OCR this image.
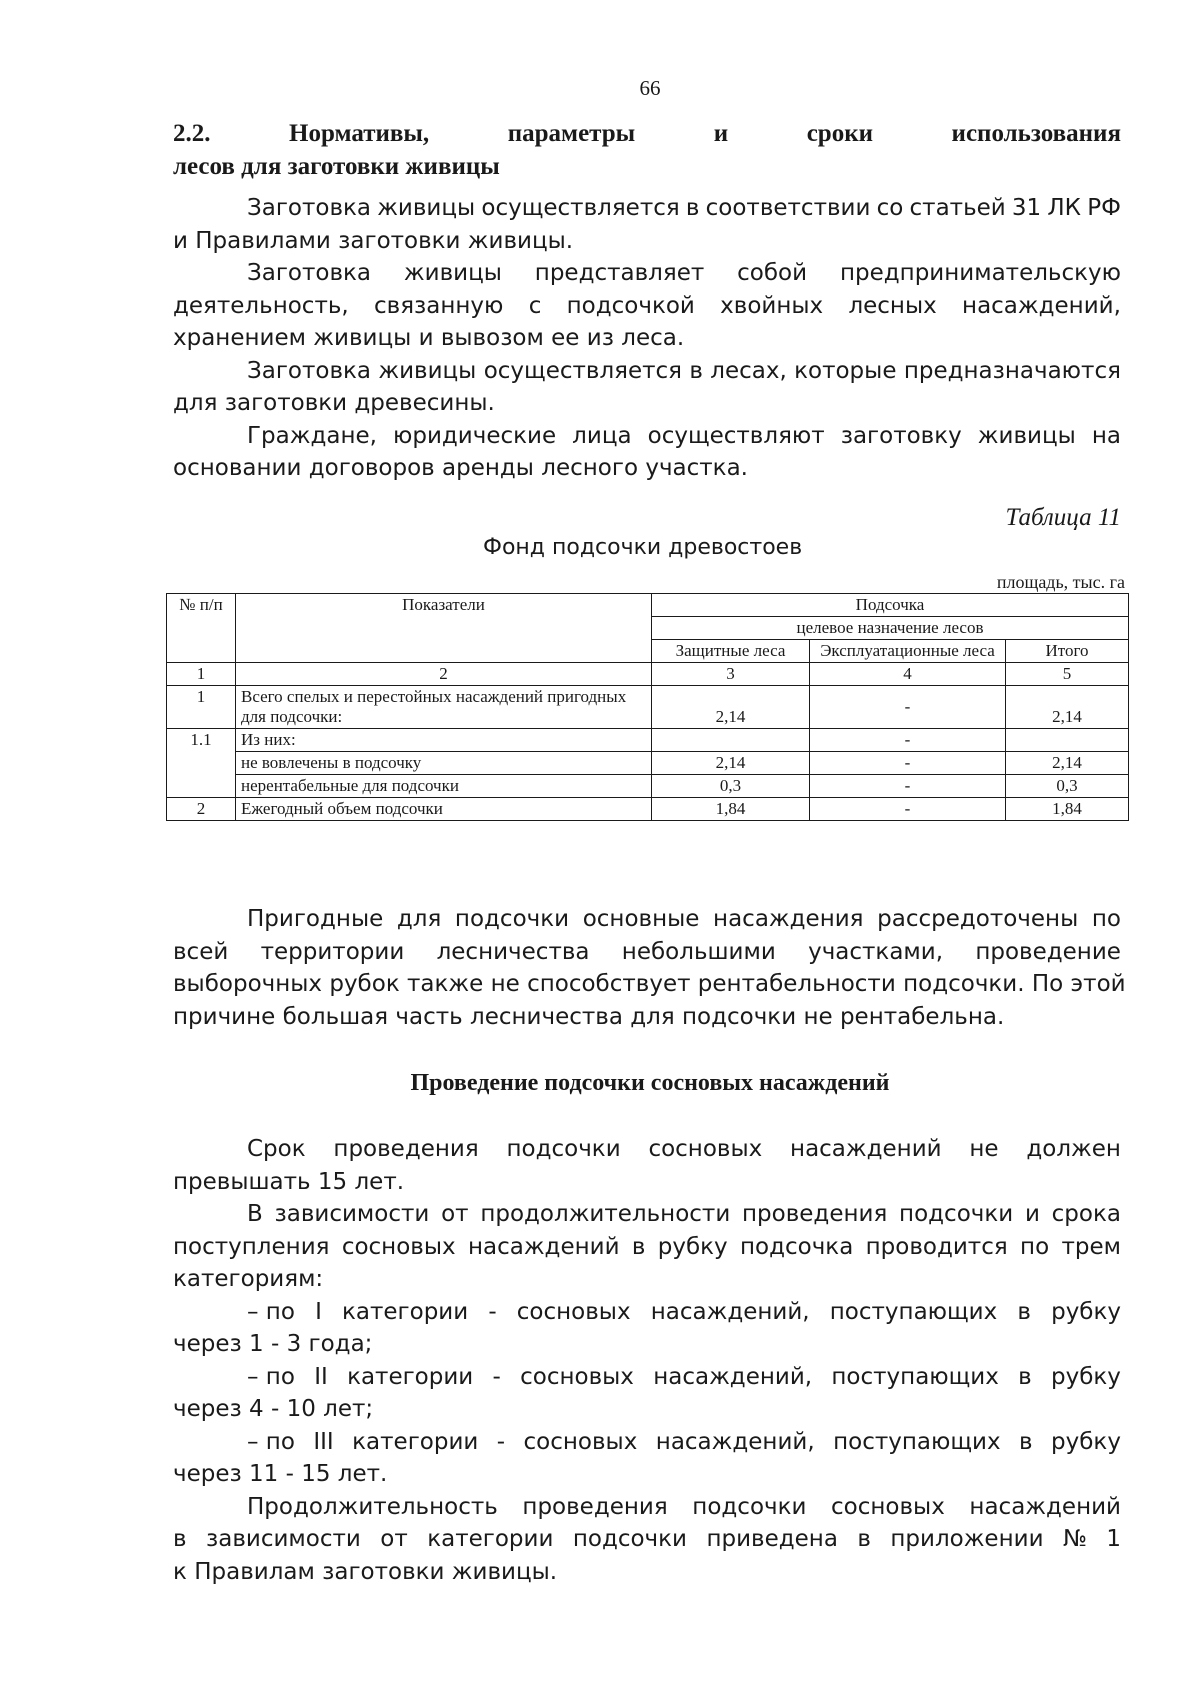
66
2.2.	Нормативы,	параметры	и	сроки	использования
лесов для заготовки живицы
Заготовка живицы осуществляется в соответствии со статьей 31 ЛК РФ
и Правилами заготовки живицы.
Заготовка живицы представляет собой предпринимательскую
деятельность, связанную с подсочкой хвойных лесных насаждений,
хранением живицы и вывозом ее из леса.
Заготовка живицы осуществляется в лесах, которые предназначаются
для заготовки древесины.
Граждане, юридические лица осуществляют заготовку живицы на
основании договоров аренды лесного участка.
Таблица 11
Фонд подсочки древостоев
площадь, тыс. га
№ п/п	Показатели	Подсочка		
		целевое назначение лесов		
		Защитные леса	Эксплуатационные леса	Итого
1	2	3	4	5
1	Всего спелых и перестойных насаждений пригодных для подсочки:	2,14	-	2,14
1.1	Из них:		-	
	не вовлечены в подсочку	2,14	-	2,14
	нерентабельные для подсочки	0,3	-	0,3
2	Ежегодный объем подсочки	1,84	-	1,84
Пригодные для подсочки основные насаждения рассредоточены по
всей территории лесничества небольшими участками, проведение
выборочных рубок также не способствует рентабельности подсочки. По этой
причине большая часть лесничества для подсочки не рентабельна.
Проведение подсочки сосновых насаждений
Срок проведения подсочки сосновых насаждений не должен
превышать 15 лет.
В зависимости от продолжительности проведения подсочки и срока
поступления сосновых насаждений в рубку подсочка проводится по трем
категориям:
– по I категории - сосновых насаждений, поступающих в рубку
через 1 - 3 года;
– по II категории - сосновых насаждений, поступающих в рубку
через 4 - 10 лет;
– по III категории - сосновых насаждений, поступающих в рубку
через 11 - 15 лет.
Продолжительность проведения подсочки сосновых насаждений
в зависимости от категории подсочки приведена в приложении № 1
к Правилам заготовки живицы.
